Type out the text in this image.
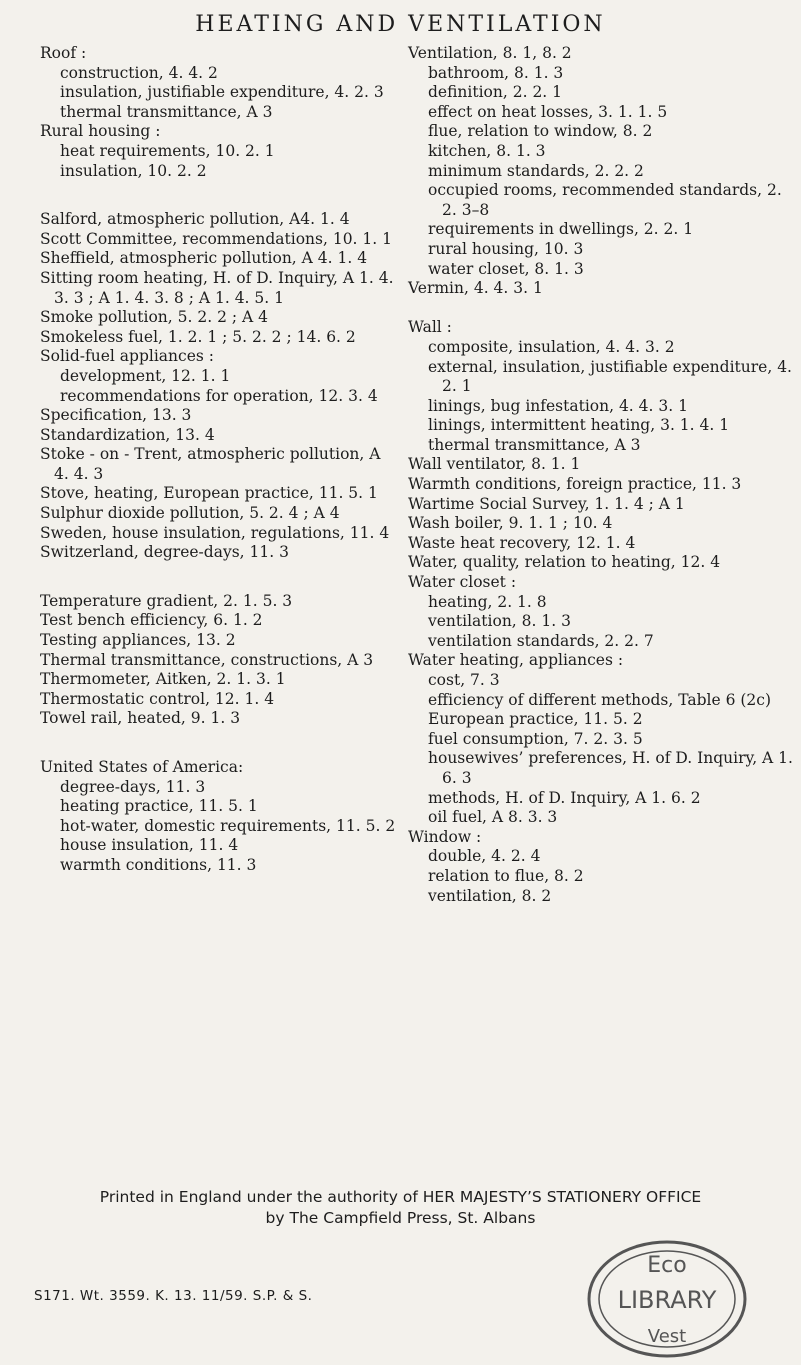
HEATING AND VENTILATION
Roof :
construction, 4. 4. 2
insulation, justifiable expenditure, 4. 2. 3
thermal transmittance, A 3
Rural housing :
heat requirements, 10. 2. 1
insulation, 10. 2. 2
Salford, atmospheric pollution, A4. 1. 4
Scott Committee, recommendations, 10. 1. 1
Sheffield, atmospheric pollution, A 4. 1. 4
Sitting room heating, H. of D. Inquiry, A 1. 4. 3. 3 ; A 1. 4. 3. 8 ; A 1. 4. 5. 1
Smoke pollution, 5. 2. 2 ; A 4
Smokeless fuel, 1. 2. 1 ; 5. 2. 2 ; 14. 6. 2
Solid-fuel appliances :
development, 12. 1. 1
recommendations for operation, 12. 3. 4
Specification, 13. 3
Standardization, 13. 4
Stoke - on - Trent, atmospheric pollution, A 4. 4. 3
Stove, heating, European practice, 11. 5. 1
Sulphur dioxide pollution, 5. 2. 4 ; A 4
Sweden, house insulation, regulations, 11. 4
Switzerland, degree-days, 11. 3
Temperature gradient, 2. 1. 5. 3
Test bench efficiency, 6. 1. 2
Testing appliances, 13. 2
Thermal transmittance, constructions, A 3
Thermometer, Aitken, 2. 1. 3. 1
Thermostatic control, 12. 1. 4
Towel rail, heated, 9. 1. 3
United States of America:
degree-days, 11. 3
heating practice, 11. 5. 1
hot-water, domestic requirements, 11. 5. 2
house insulation, 11. 4
warmth conditions, 11. 3
Ventilation, 8. 1, 8. 2
bathroom, 8. 1. 3
definition, 2. 2. 1
effect on heat losses, 3. 1. 1. 5
flue, relation to window, 8. 2
kitchen, 8. 1. 3
minimum standards, 2. 2. 2
occupied rooms, recommended standards, 2. 2. 3–8
requirements in dwellings, 2. 2. 1
rural housing, 10. 3
water closet, 8. 1. 3
Vermin, 4. 4. 3. 1
Wall :
composite, insulation, 4. 4. 3. 2
external, insulation, justifiable expenditure, 4. 2. 1
linings, bug infestation, 4. 4. 3. 1
linings, intermittent heating, 3. 1. 4. 1
thermal transmittance, A 3
Wall ventilator, 8. 1. 1
Warmth conditions, foreign practice, 11. 3
Wartime Social Survey, 1. 1. 4 ; A 1
Wash boiler, 9. 1. 1 ; 10. 4
Waste heat recovery, 12. 1. 4
Water, quality, relation to heating, 12. 4
Water closet :
heating, 2. 1. 8
ventilation, 8. 1. 3
ventilation standards, 2. 2. 7
Water heating, appliances :
cost, 7. 3
efficiency of different methods, Table 6 (2c)
European practice, 11. 5. 2
fuel consumption, 7. 2. 3. 5
housewives’ preferences, H. of D. Inquiry, A 1. 6. 3
methods, H. of D. Inquiry, A 1. 6. 2
oil fuel, A 8. 3. 3
Window :
double, 4. 2. 4
relation to flue, 8. 2
ventilation, 8. 2
Printed in England under the authority of HER MAJESTY’S STATIONERY OFFICE
by The Campfield Press, St. Albans
S171. Wt. 3559. K. 13. 11/59. S.P. & S.
Eco
LIBRARY
Vest
